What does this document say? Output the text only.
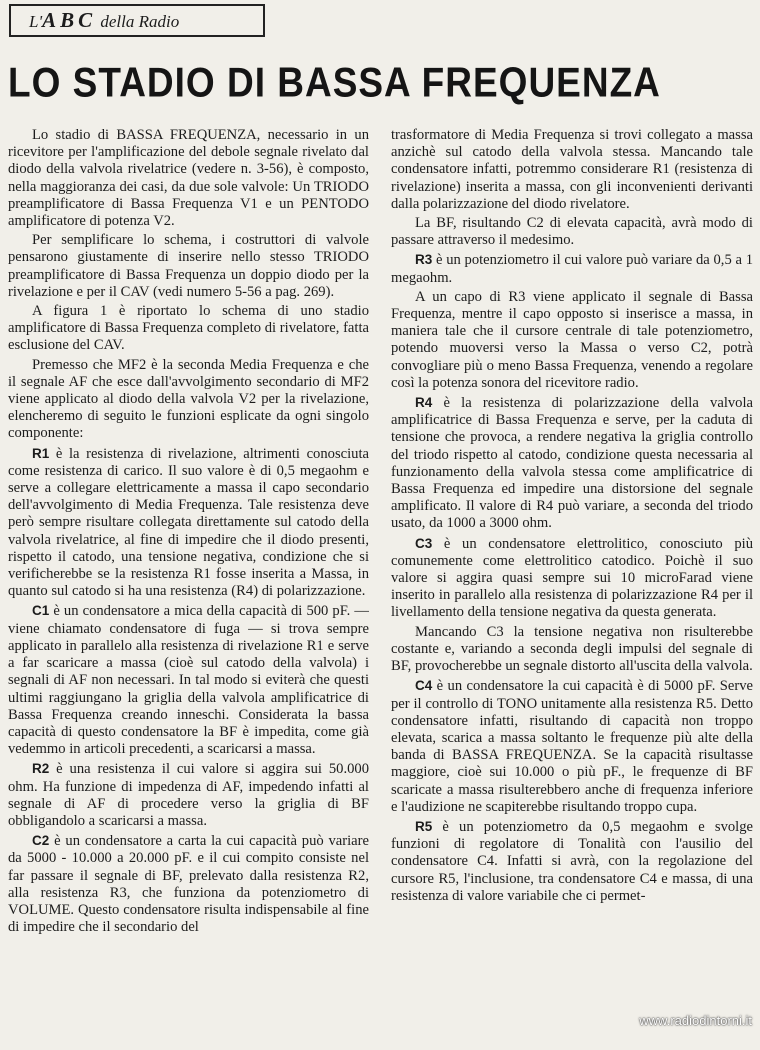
L'ABC della Radio
LO STADIO DI BASSA FREQUENZA

Lo stadio di BASSA FREQUENZA, necessario in un ricevitore per l'amplificazione del debole segnale rivelato dal diodo della valvola rivelatrice (vedere n. 3-56), è composto, nella maggioranza dei casi, da due sole valvole: Un TRIODO preamplificatore di Bassa Frequenza V1 e un PENTODO amplificatore di potenza V2.

Per semplificare lo schema, i costruttori di valvole pensarono giustamente di inserire nello stesso TRIODO preamplificatore di Bassa Frequenza un doppio diodo per la rivelazione e per il CAV (vedi numero 5-56 a pag. 269).

A figura 1 è riportato lo schema di uno stadio amplificatore di Bassa Frequenza completo di rivelatore, fatta esclusione del CAV.

Premesso che MF2 è la seconda Media Frequenza e che il segnale AF che esce dall'avvolgimento secondario di MF2 viene applicato al diodo della valvola V2 per la rivelazione, elencheremo di seguito le funzioni esplicate da ogni singolo componente:

R1 è la resistenza di rivelazione, altrimenti conosciuta come resistenza di carico. Il suo valore è di 0,5 megaohm e serve a collegare elettricamente a massa il capo secondario dell'avvolgimento di Media Frequenza. Tale resistenza deve però sempre risultare collegata direttamente sul catodo della valvola rivelatrice, al fine di impedire che il diodo presenti, rispetto il catodo, una tensione negativa, condizione che si verificherebbe se la resistenza R1 fosse inserita a Massa, in quanto sul catodo si ha una resistenza (R4) di polarizzazione.

C1 è un condensatore a mica della capacità di 500 pF. — viene chiamato condensatore di fuga — si trova sempre applicato in parallelo alla resistenza di rivelazione R1 e serve a far scaricare a massa (cioè sul catodo della valvola) i segnali di AF non necessari. In tal modo si eviterà che questi ultimi raggiungano la griglia della valvola amplificatrice di Bassa Frequenza creando inneschi. Considerata la bassa capacità di questo condensatore la BF è impedita, come già vedemmo in articoli precedenti, a scaricarsi a massa.

R2 è una resistenza il cui valore si aggira sui 50.000 ohm. Ha funzione di impedenza di AF, impedendo infatti al segnale di AF di procedere verso la griglia di BF obbligandolo a scaricarsi a massa.

C2 è un condensatore a carta la cui capacità può variare da 5000 - 10.000 a 20.000 pF. e il cui compito consiste nel far passare il segnale di BF, prelevato dalla resistenza R2, alla resistenza R3, che funziona da potenziometro di VOLUME. Questo condensatore risulta indispensabile al fine di impedire che il secondario del

trasformatore di Media Frequenza si trovi collegato a massa anzichè sul catodo della valvola stessa. Mancando tale condensatore infatti, potremmo considerare R1 (resistenza di rivelazione) inserita a massa, con gli inconvenienti derivanti dalla polarizzazione del diodo rivelatore.

La BF, risultando C2 di elevata capacità, avrà modo di passare attraverso il medesimo.

R3 è un potenziometro il cui valore può variare da 0,5 a 1 megaohm.

A un capo di R3 viene applicato il segnale di Bassa Frequenza, mentre il capo opposto si inserisce a massa, in maniera tale che il cursore centrale di tale potenziometro, potendo muoversi verso la Massa o verso C2, potrà convogliare più o meno Bassa Frequenza, venendo a regolare così la potenza sonora del ricevitore radio.

R4 è la resistenza di polarizzazione della valvola amplificatrice di Bassa Frequenza e serve, per la caduta di tensione che provoca, a rendere negativa la griglia controllo del triodo rispetto al catodo, condizione questa necessaria al funzionamento della valvola stessa come amplificatrice di Bassa Frequenza ed impedire una distorsione del segnale amplificato. Il valore di R4 può variare, a seconda del triodo usato, da 1000 a 3000 ohm.

C3 è un condensatore elettrolitico, conosciuto più comunemente come elettrolitico catodico. Poichè il suo valore si aggira quasi sempre sui 10 microFarad viene inserito in parallelo alla resistenza di polarizzazione R4 per il livellamento della tensione negativa da questa generata.

Mancando C3 la tensione negativa non risulterebbe costante e, variando a seconda degli impulsi del segnale di BF, provocherebbe un segnale distorto all'uscita della valvola.

C4 è un condensatore la cui capacità è di 5000 pF. Serve per il controllo di TONO unitamente alla resistenza R5. Detto condensatore infatti, risultando di capacità non troppo elevata, scarica a massa soltanto le frequenze più alte della banda di BASSA FREQUENZA. Se la capacità risultasse maggiore, cioè sui 10.000 o più pF., le frequenze di BF scaricate a massa risulterebbero anche di frequenza inferiore e l'audizione ne scapiterebbe risultando troppo cupa.

R5 è un potenziometro da 0,5 megaohm e svolge funzioni di regolatore di Tonalità con l'ausilio del condensatore C4. Infatti si avrà, con la regolazione del cursore R5, l'inclusione, tra condensatore C4 e massa, di una resistenza di valore variabile che ci permet-

www.radiodintorni.it
